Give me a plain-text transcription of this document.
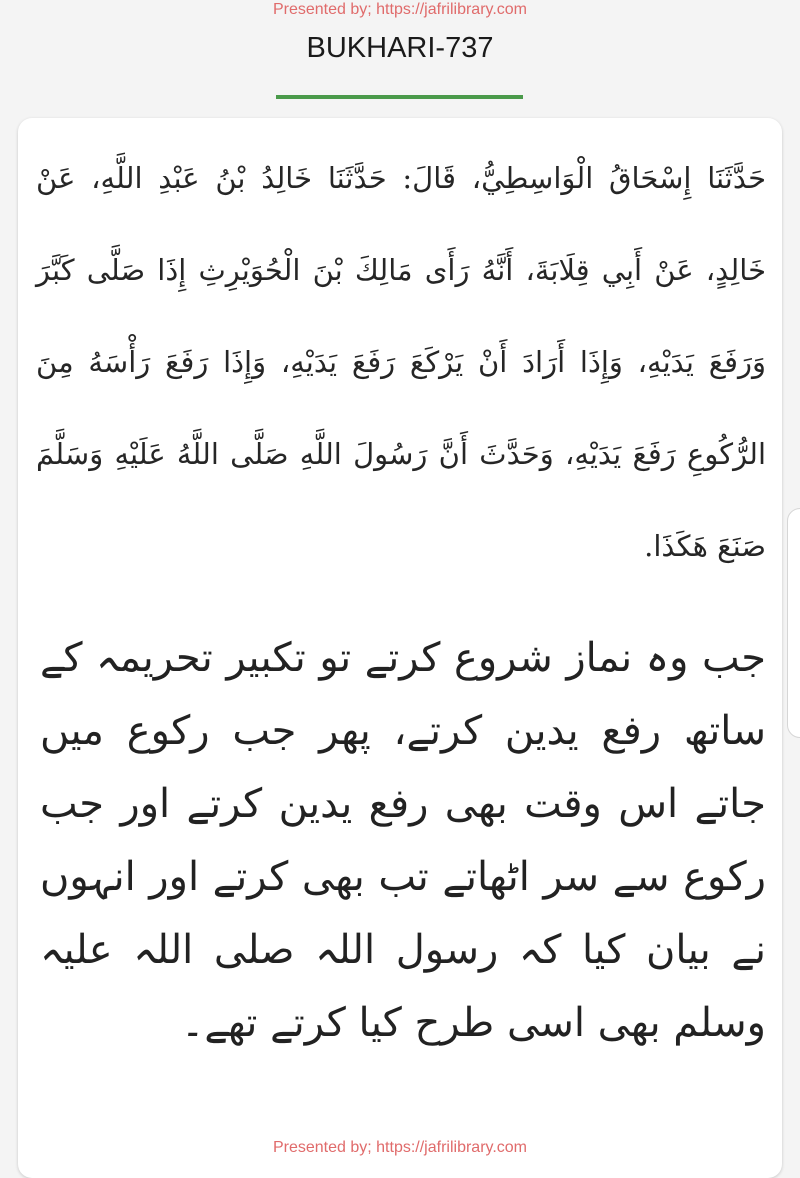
Presented by; https://jafrilibrary.com
BUKHARI-737

حَدَّثَنَا إِسْحَاقُ الْوَاسِطِيُّ، قَالَ: حَدَّثَنَا خَالِدُ بْنُ عَبْدِ اللَّهِ، عَنْ خَالِدٍ، عَنْ أَبِي قِلَابَةَ، أَنَّهُ رَأَى مَالِكَ بْنَ الْحُوَيْرِثِ إِذَا صَلَّى كَبَّرَ وَرَفَعَ يَدَيْهِ، وَإِذَا أَرَادَ أَنْ يَرْكَعَ رَفَعَ يَدَيْهِ، وَإِذَا رَفَعَ رَأْسَهُ مِنَ الرُّكُوعِ رَفَعَ يَدَيْهِ، وَحَدَّثَ أَنَّ رَسُولَ اللَّهِ صَلَّى اللَّهُ عَلَيْهِ وَسَلَّمَ صَنَعَ هَكَذَا.

جب وہ نماز شروع کرتے تو تکبیر تحریمہ کے ساتھ رفع یدین کرتے، پھر جب رکوع میں جاتے اس وقت بھی رفع یدین کرتے اور جب رکوع سے سر اٹھاتے تب بھی کرتے اور انہوں نے بیان کیا کہ رسول اللہ صلی اللہ علیہ وسلم بھی اسی طرح کیا کرتے تھے۔

Presented by; https://jafrilibrary.com
